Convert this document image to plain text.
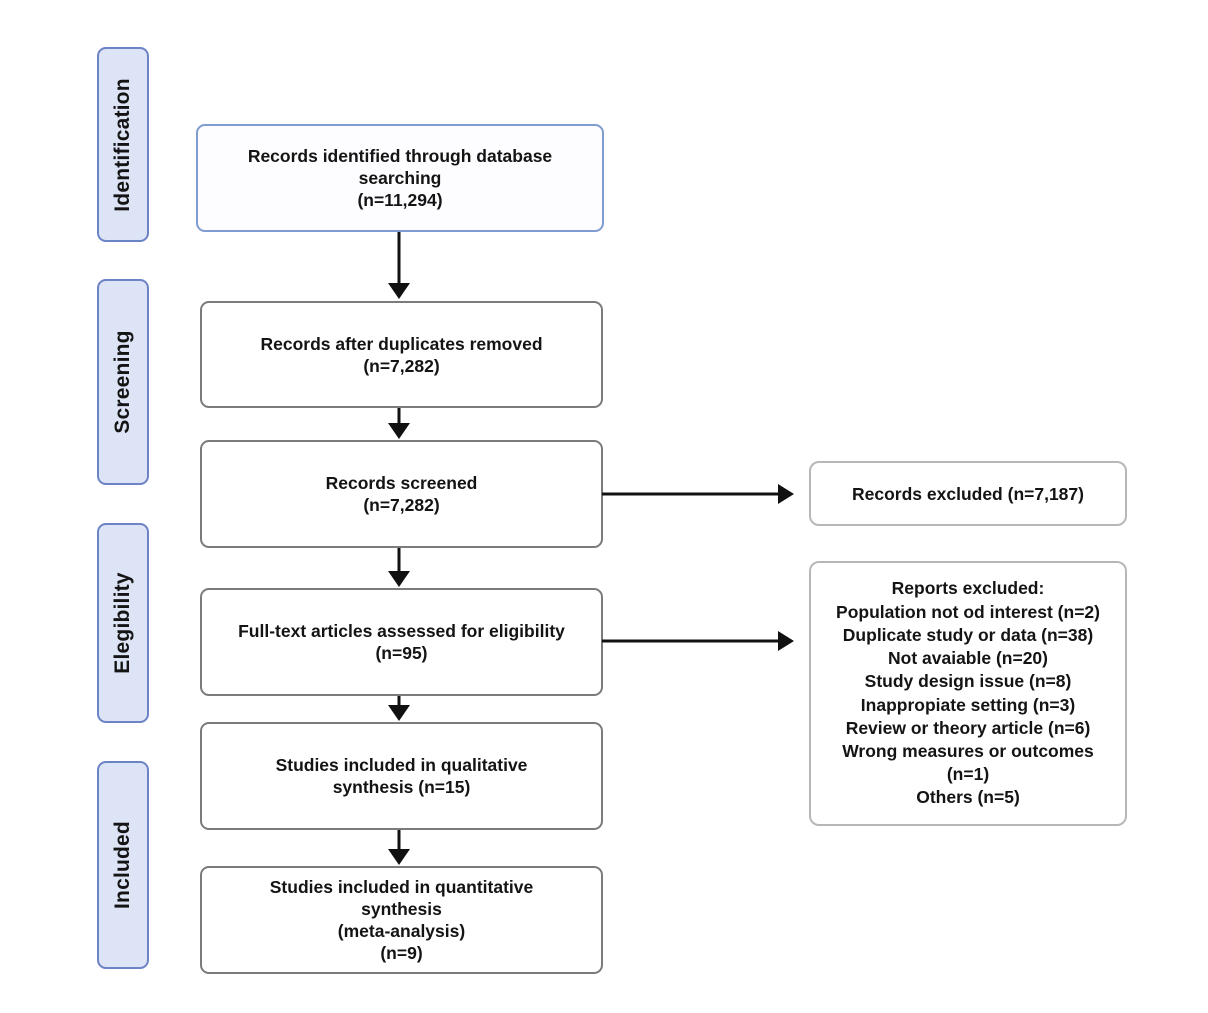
Identification
Screening
Elegibility
Included
Records identified through database
searching
(n=11,294)
Records after duplicates removed
(n=7,282)
Records screened
(n=7,282)
Full-text articles assessed for eligibility
(n=95)
Studies included in qualitative
synthesis (n=15)
Studies included in quantitative
synthesis
(meta-analysis)
(n=9)
Records excluded (n=7,187)
Reports excluded:
Population not od interest (n=2)
Duplicate study or data (n=38)
Not avaiable (n=20)
Study design issue (n=8)
Inappropiate setting (n=3)
Review or theory article (n=6)
Wrong measures or outcomes
(n=1)
Others (n=5)
